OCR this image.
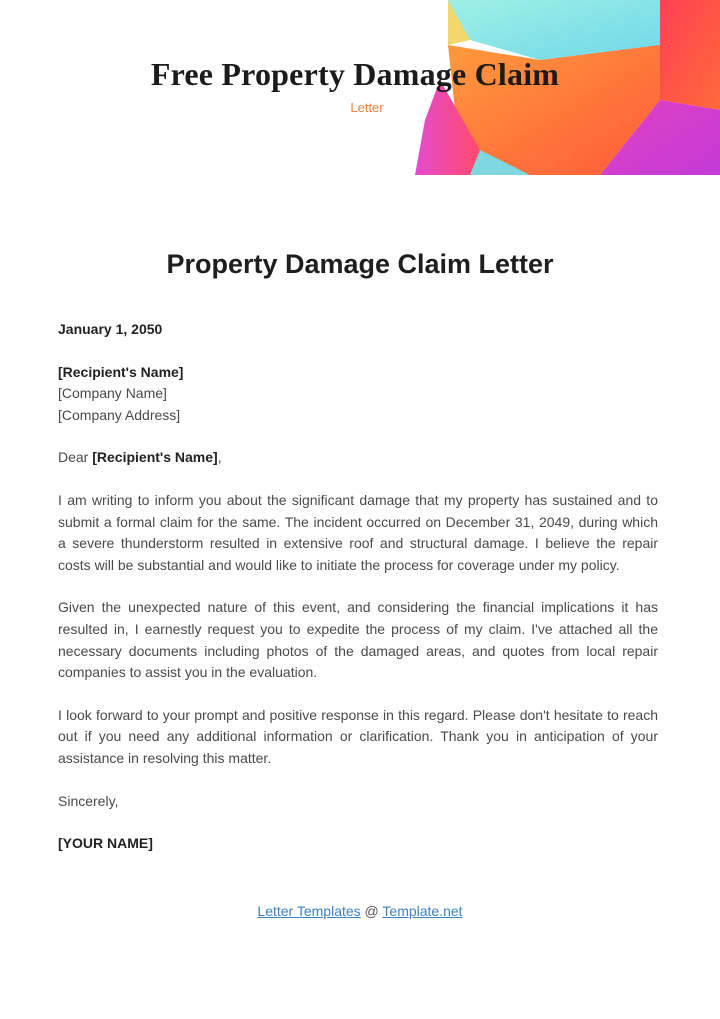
Free Property Damage Claim
Letter
Property Damage Claim Letter

January 1, 2050

[Recipient's Name]

[Company Name]

[Company Address]

Dear [Recipient's Name],

I am writing to inform you about the significant damage that my property has sustained and to submit a formal claim for the same. The incident occurred on December 31, 2049, during which a severe thunderstorm resulted in extensive roof and structural damage. I believe the repair costs will be substantial and would like to initiate the process for coverage under my policy.

Given the unexpected nature of this event, and considering the financial implications it has resulted in, I earnestly request you to expedite the process of my claim. I've attached all the necessary documents including photos of the damaged areas, and quotes from local repair companies to assist you in the evaluation.

I look forward to your prompt and positive response in this regard. Please don't hesitate to reach out if you need any additional information or clarification. Thank you in anticipation of your assistance in resolving this matter.

Sincerely,

[YOUR NAME]

Letter Templates @ Template.net
